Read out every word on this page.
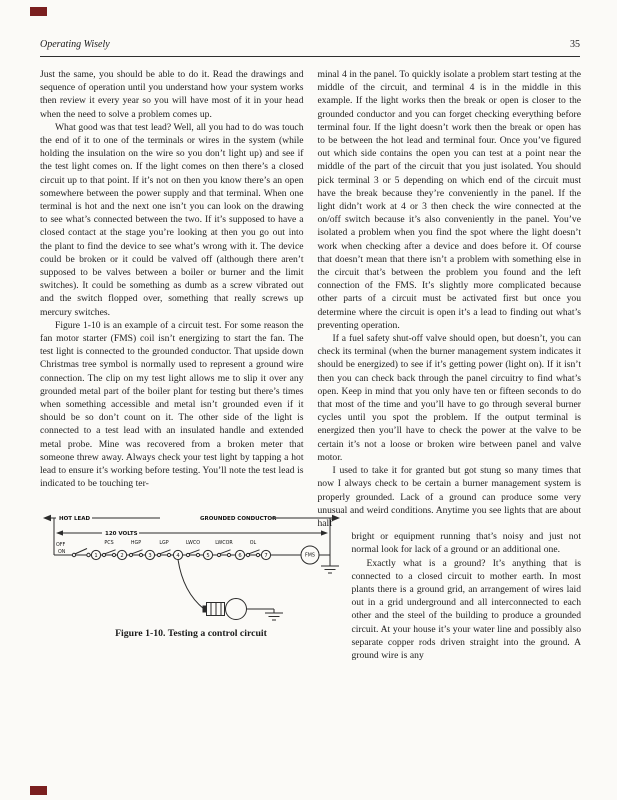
Operating Wisely	35

Just the same, you should be able to do it. Read the drawings and sequence of operation until you understand how your system works then review it every year so you will have most of it in your head when the need to solve a problem comes up.

What good was that test lead? Well, all you had to do was touch the end of it to one of the terminals or wires in the system (while holding the insulation on the wire so you don’t light up) and see if the test light comes on. If the light comes on then there’s a closed circuit up to that point. If it’s not on then you know there’s an open somewhere between the power supply and that terminal. When one terminal is hot and the next one isn’t you can look on the drawing to see what’s connected between the two. If it’s supposed to have a closed contact at the stage you’re looking at then you go out into the plant to find the device to see what’s wrong with it. The device could be broken or it could be valved off (although there aren’t supposed to be valves between a boiler or burner and the limit switches). It could be something as dumb as a screw vibrated out and the switch flopped over, something that really screws up mercury switches.

Figure 1-10 is an example of a circuit test. For some reason the fan motor starter (FMS) coil isn’t energizing to start the fan. The test light is connected to the grounded conductor. That upside down Christmas tree symbol is normally used to represent a ground wire connection. The clip on my test light allows me to slip it over any grounded metal part of the boiler plant for testing but there’s times when something accessible and metal isn’t grounded even if it should be so don’t count on it. The other side of the light is connected to a test lead with an insulated handle and extended metal probe. Mine was recovered from a broken meter that someone threw away. Always check your test light by tapping a hot lead to ensure it’s working before testing. You’ll note the test lead is indicated to be touching ter-

HOT LEAD	GROUNDED CONDUCTOR
120 VOLTS
OFF
ON
1	2	3	4	5	6	7
PCS	HGP	LGP	LWCO	LWCOR	OL
FMS
Figure 1-10. Testing a control circuit

minal 4 in the panel. To quickly isolate a problem start testing at the middle of the circuit, and terminal 4 is in the middle in this example. If the light works then the break or open is closer to the grounded conductor and you can forget checking everything before terminal four. If the light doesn’t work then the break or open has to be between the hot lead and terminal four. Once you’ve figured out which side contains the open you can test at a point near the middle of the part of the circuit that you just isolated. You should pick terminal 3 or 5 depending on which end of the circuit must have the break because they’re conveniently in the panel. If the light didn’t work at 4 or 3 then check the wire connected at the on/off switch because it’s also conveniently in the panel. You’ve isolated a problem when you find the spot where the light doesn’t work when checking after a device and does before it. Of course that doesn’t mean that there isn’t a problem with something else in the circuit that’s between the problem you found and the left connection of the FMS. It’s slightly more complicated because other parts of a circuit must be activated first but once you determine where the circuit is open it’s a lead to finding out what’s preventing operation.

If a fuel safety shut-off valve should open, but doesn’t, you can check its terminal (when the burner management system indicates it should be energized) to see if it’s getting power (light on). If it isn’t then you can check back through the panel circuitry to find what’s open. Keep in mind that you only have ten or fifteen seconds to do that most of the time and you’ll have to go through several burner cycles until you spot the problem. If the output terminal is energized then you’ll have to check the power at the valve to be certain it’s not a loose or broken wire between panel and valve motor.

I used to take it for granted but got stung so many times that now I always check to be certain a burner management system is properly grounded. Lack of a ground can produce some very unusual and weird conditions. Anytime you see lights that are about half

bright or equipment running that’s noisy and just not normal look for lack of a ground or an additional one.

Exactly what is a ground? It’s anything that is connected to a closed circuit to mother earth. In most plants there is a ground grid, an arrangement of wires laid out in a grid underground and all interconnected to each other and the steel of the building to produce a grounded circuit. At your house it’s your water line and possibly also separate copper rods driven straight into the ground. A ground wire is any
